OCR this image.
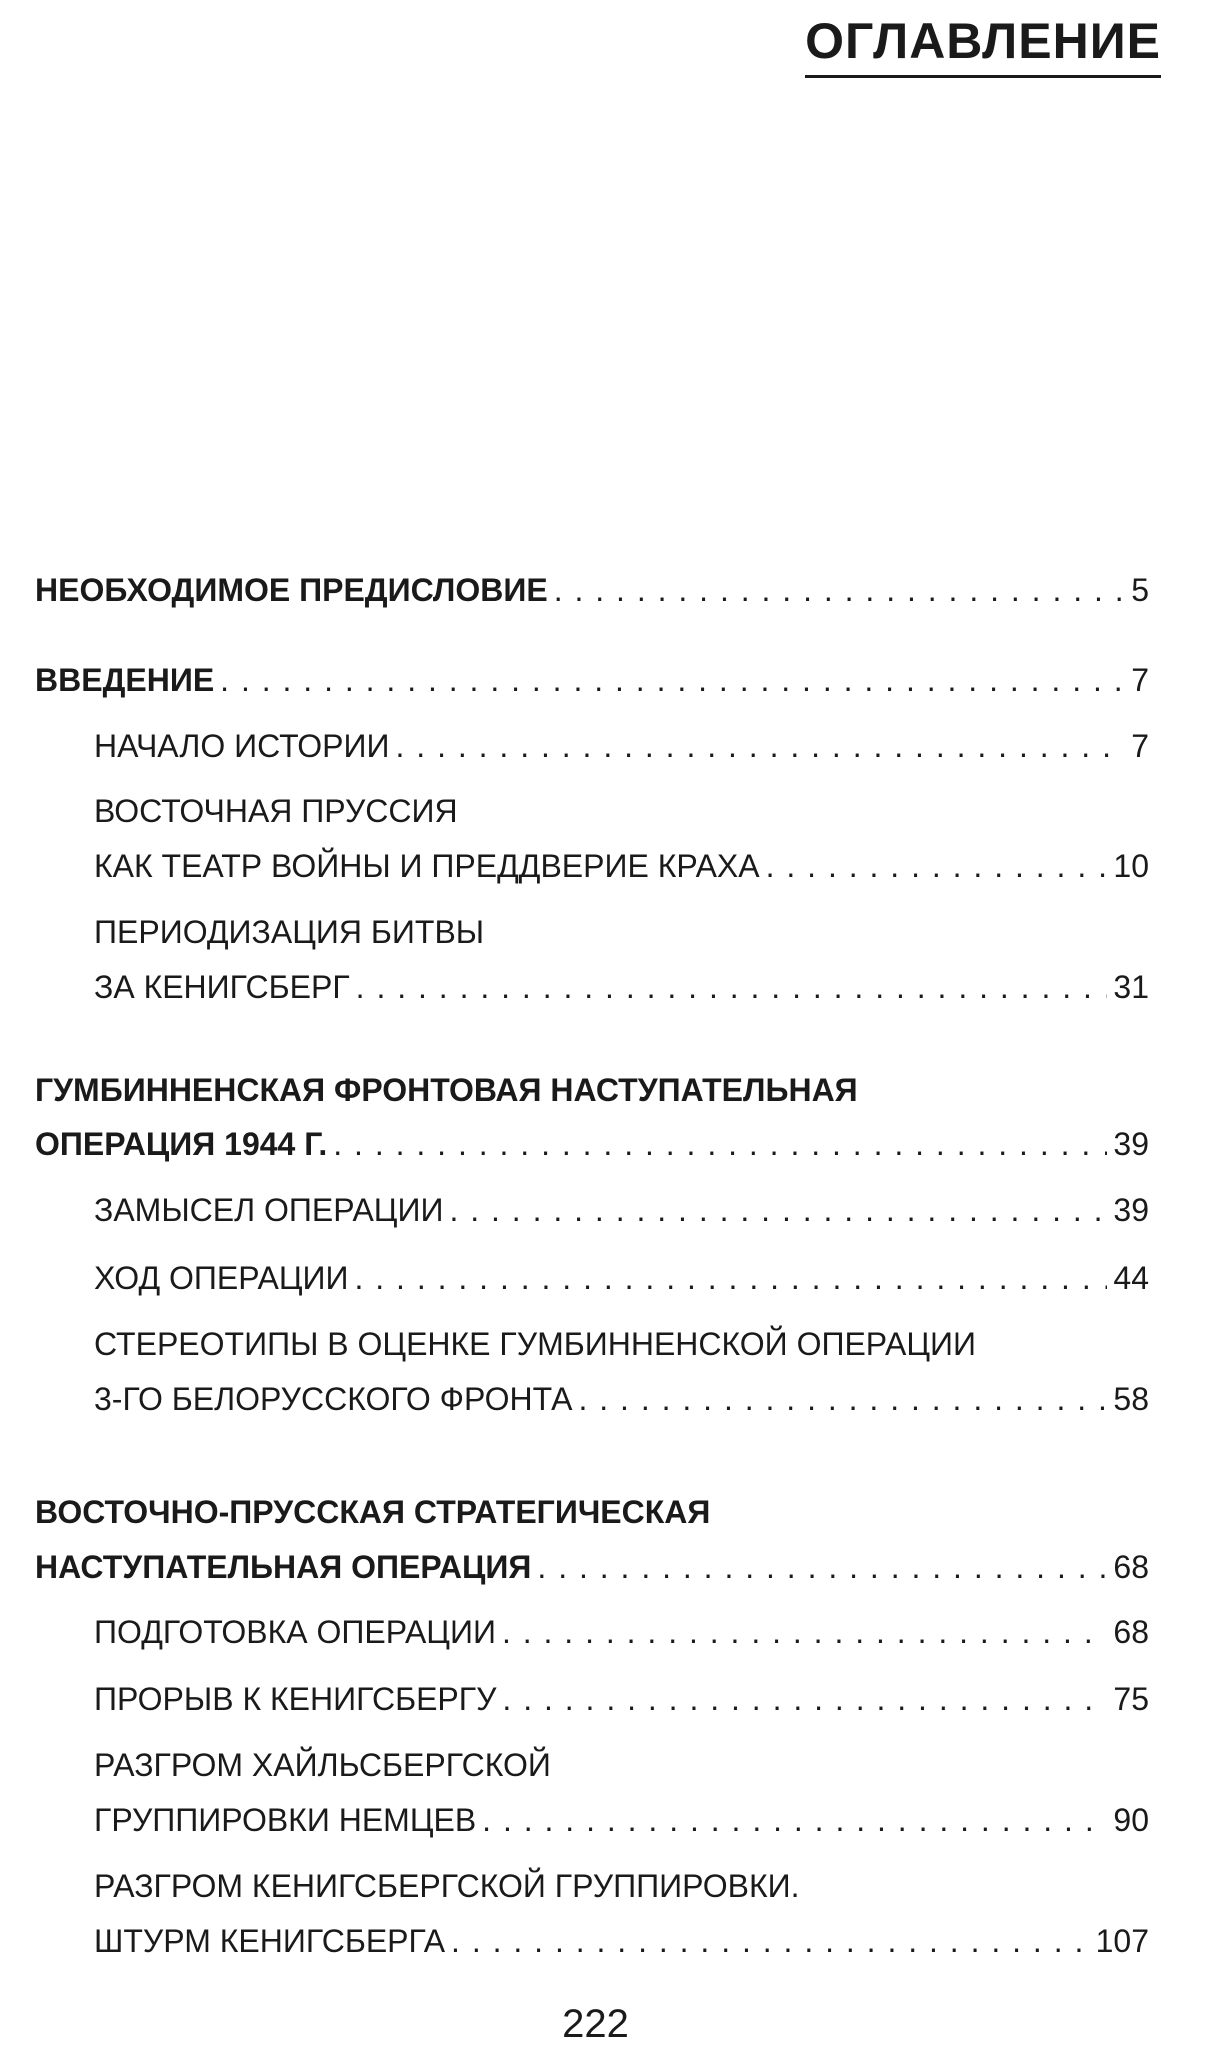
ОГЛАВЛЕНИЕ
НЕОБХОДИМОЕ ПРЕДИСЛОВИЕ . . .	5
ВВЕДЕНИЕ . . .	7
НАЧАЛО ИСТОРИИ . . .	7
ВОСТОЧНАЯ ПРУССИЯ
КАК ТЕАТР ВОЙНЫ И ПРЕДДВЕРИЕ КРАХА . . .	10
ПЕРИОДИЗАЦИЯ БИТВЫ
ЗА КЕНИГСБЕРГ . . .	31
ГУМБИННЕНСКАЯ ФРОНТОВАЯ НАСТУПАТЕЛЬНАЯ
ОПЕРАЦИЯ 1944 Г. . . .	39
ЗАМЫСЕЛ ОПЕРАЦИИ . . .	39
ХОД ОПЕРАЦИИ . . .	44
СТЕРЕОТИПЫ В ОЦЕНКЕ ГУМБИННЕНСКОЙ ОПЕРАЦИИ
3-ГО БЕЛОРУССКОГО ФРОНТА . . .	58
ВОСТОЧНО-ПРУССКАЯ СТРАТЕГИЧЕСКАЯ
НАСТУПАТЕЛЬНАЯ ОПЕРАЦИЯ . . .	68
ПОДГОТОВКА ОПЕРАЦИИ . . .	68
ПРОРЫВ К КЕНИГСБЕРГУ . . .	75
РАЗГРОМ ХАЙЛЬСБЕРГСКОЙ
ГРУППИРОВКИ НЕМЦЕВ . . .	90
РАЗГРОМ КЕНИГСБЕРГСКОЙ ГРУППИРОВКИ.
ШТУРМ КЕНИГСБЕРГА . . .	107
222
